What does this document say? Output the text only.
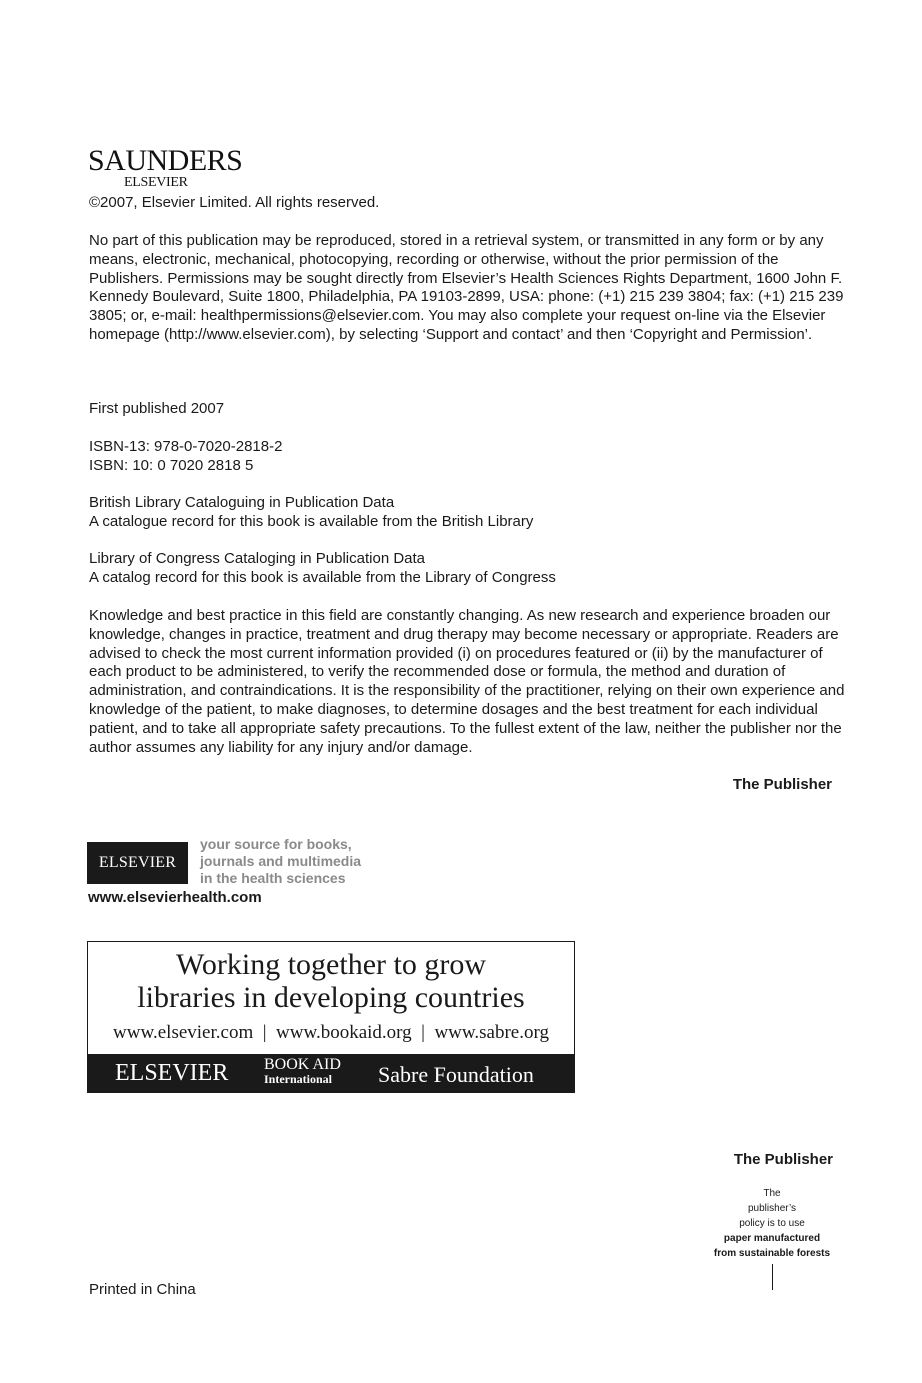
SAUNDERS
ELSEVIER

©2007, Elsevier Limited. All rights reserved.

No part of this publication may be reproduced, stored in a retrieval system, or transmitted in any form or by any means, electronic, mechanical, photocopying, recording or otherwise, without the prior permission of the Publishers. Permissions may be sought directly from Elsevier’s Health Sciences Rights Department, 1600 John F. Kennedy Boulevard, Suite 1800, Philadelphia, PA 19103-2899, USA: phone: (+1) 215 239 3804; fax: (+1) 215 239 3805; or, e-mail: healthpermissions@elsevier.com. You may also complete your request on-line via the Elsevier homepage (http://www.elsevier.com), by selecting ‘Support and contact’ and then ‘Copyright and Permission’.

First published 2007

ISBN-13: 978-0-7020-2818-2
ISBN: 10: 0 7020 2818 5
British Library Cataloguing in Publication Data
A catalogue record for this book is available from the British Library
Library of Congress Cataloging in Publication Data
A catalog record for this book is available from the Library of Congress

Knowledge and best practice in this field are constantly changing. As new research and experience broaden our knowledge, changes in practice, treatment and drug therapy may become necessary or appropriate. Readers are advised to check the most current information provided (i) on procedures featured or (ii) by the manufacturer of each product to be administered, to verify the recommended dose or formula, the method and duration of administration, and contraindications. It is the responsibility of the practitioner, relying on their own experience and knowledge of the patient, to make diagnoses, to determine dosages and the best treatment for each individual patient, and to take all appropriate safety precautions. To the fullest extent of the law, neither the publisher nor the author assumes any liability for any injury and/or damage.

The Publisher
ELSEVIER
your source for books,
journals and multimedia
in the health sciences
www.elsevierhealth.com
Working together to grow
libraries in developing countries
www.elsevier.com  |  www.bookaid.org  |  www.sabre.org
ELSEVIER BOOK AID
International	Sabre Foundation
The Publisher
The
publisher’s
policy is to use
paper manufactured
from sustainable forests

Printed in China
